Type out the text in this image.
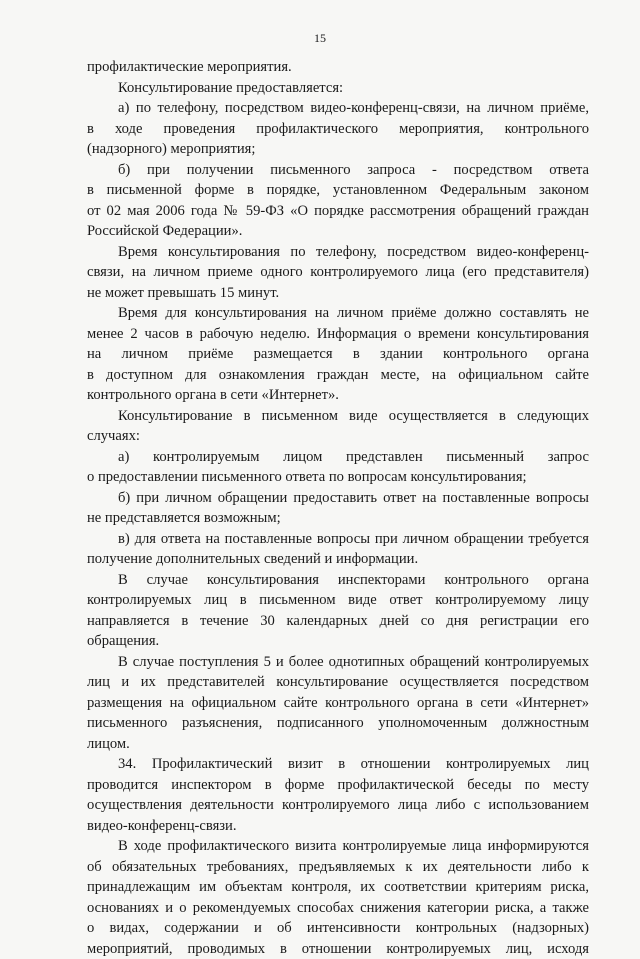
15
профилактические мероприятия.
Консультирование предоставляется:
а) по телефону, посредством видео-конференц-связи, на личном приёме,
в ходе проведения профилактического мероприятия, контрольного
(надзорного) мероприятия;
б) при получении письменного запроса - посредством ответа
в письменной форме в порядке, установленном Федеральным законом
от 02 мая 2006 года № 59-ФЗ «О порядке рассмотрения обращений граждан
Российской Федерации».
Время консультирования по телефону, посредством видео-конференц-
связи, на личном приеме одного контролируемого лица (его представителя)
не может превышать 15 минут.
Время для консультирования на личном приёме должно составлять не
менее 2 часов в рабочую неделю. Информация о времени консультирования
на личном приёме размещается в здании контрольного органа
в доступном для ознакомления граждан месте, на официальном сайте
контрольного органа в сети «Интернет».
Консультирование в письменном виде осуществляется в следующих
случаях:
а) контролируемым лицом представлен письменный запрос
о предоставлении письменного ответа по вопросам консультирования;
б) при личном обращении предоставить ответ на поставленные вопросы
не представляется возможным;
в) для ответа на поставленные вопросы при личном обращении требуется
получение дополнительных сведений и информации.
В случае консультирования инспекторами контрольного органа
контролируемых лиц в письменном виде ответ контролируемому лицу
направляется в течение 30 календарных дней со дня регистрации его
обращения.
В случае поступления 5 и более однотипных обращений контролируемых
лиц и их представителей консультирование осуществляется посредством
размещения на официальном сайте контрольного органа в сети «Интернет»
письменного разъяснения, подписанного уполномоченным должностным
лицом.
34. Профилактический визит в отношении контролируемых лиц
проводится инспектором в форме профилактической беседы по месту
осуществления деятельности контролируемого лица либо с использованием
видео-конференц-связи.
В ходе профилактического визита контролируемые лица информируются
об обязательных требованиях, предъявляемых к их деятельности либо к
принадлежащим им объектам контроля, их соответствии критериям риска,
основаниях и о рекомендуемых способах снижения категории риска, а также
о видах, содержании и об интенсивности контрольных (надзорных)
мероприятий, проводимых в отношении контролируемых лиц, исходя
